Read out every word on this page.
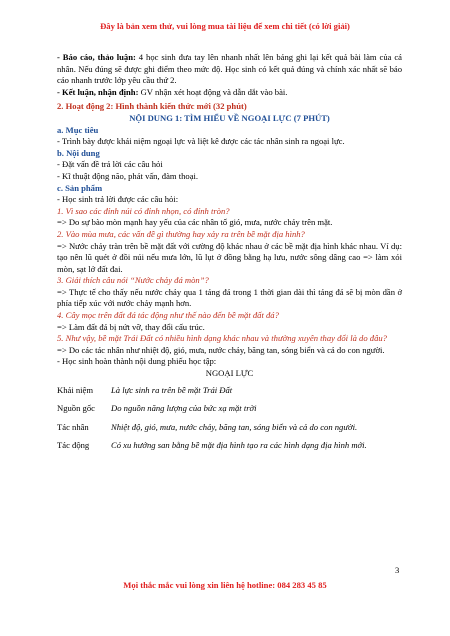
Đây là bản xem thử, vui lòng mua tài liệu để xem chi tiết (có lời giải)

- Báo cáo, thảo luận: 4 học sinh đưa tay lên nhanh nhất lên bảng ghi lại kết quả bài làm của cá nhân. Nếu đúng sẽ được ghi điểm theo mức độ. Học sinh có kết quả đúng và chính xác nhất sẽ báo cáo nhanh trước lớp yêu cầu thứ 2.

- Kết luận, nhận định: GV nhận xét hoạt động và dẫn dắt vào bài.

2. Hoạt động 2: Hình thành kiến thức mới (32 phút)

NỘI DUNG 1: TÌM HIỂU VỀ NGOẠI LỰC (7 PHÚT)

a. Mục tiêu

- Trình bày được khái niệm ngoại lực và liệt kê được các tác nhân sinh ra ngoại lực.

b. Nội dung

- Đặt vấn đề trả lời các câu hỏi

- Kĩ thuật động não, phát vấn, đàm thoại.

c. Sản phẩm

- Học sinh trả lời được các câu hỏi:

1. Vì sao các đỉnh núi có đỉnh nhọn, có đỉnh tròn?

=> Do sự bào mòn mạnh hay yếu của các nhân tố gió, mưa, nước chảy trên mặt.

2. Vào mùa mưa, các vấn đề gì thường hay xảy ra trên bề mặt địa hình?

=> Nước chảy tràn trên bề mặt đất với cường độ khác nhau ở các bề mặt địa hình khác nhau. Ví dụ: tạo nên lũ quét ở đồi núi nếu mưa lớn, lũ lụt ở đồng bằng hạ lưu, nước sông dâng cao => làm xói mòn, sạt lở đất đai.

3. Giải thích câu nói “Nước chảy đá mòn”?

=> Thực tế cho thấy nếu nước chảy qua 1 tảng đá trong 1 thời gian dài thì tảng đá sẽ bị mòn dần ở phía tiếp xúc với nước chảy mạnh hơn.

4. Cây mọc trên đất đá tác động như thế nào đến bề mặt đất đá?

=> Làm đất đá bị nứt vỡ, thay đổi cấu trúc.

5. Như vậy, bề mặt Trái Đất có nhiều hình dạng khác nhau và thường xuyên thay đổi là do đâu?

=> Do các tác nhân như nhiệt độ, gió, mưa, nước chảy, băng tan, sóng biển và cả do con người.

- Học sinh hoàn thành nội dung phiếu học tập:

NGOẠI LỰC

Khái niệm	Là lực sinh ra trên bề mặt Trái Đất
Nguồn gốc	Do nguồn năng lượng của bức xạ mặt trời
Tác nhân	Nhiệt độ, gió, mưa, nước chảy, băng tan, sóng biển và cả do con người.
Tác động	Có xu hướng san bằng bề mặt địa hình tạo ra các hình dạng địa hình mới.
3
Mọi thắc mắc vui lòng xin liên hệ hotline: 084 283 45 85
